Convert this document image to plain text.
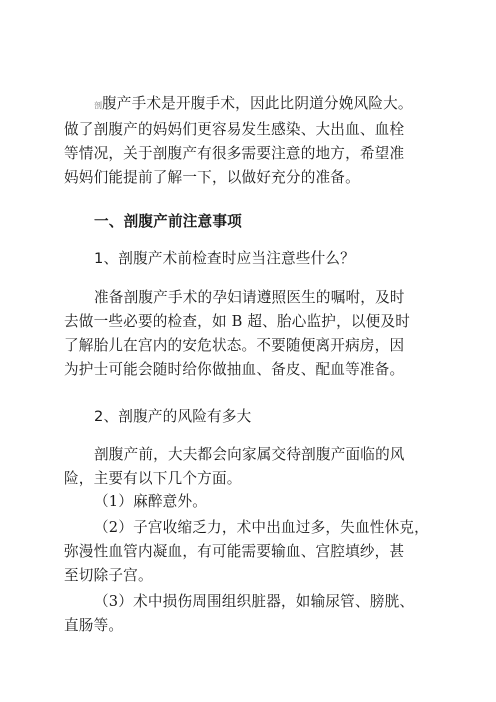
剖腹产手术是开腹手术，因此比阴道分娩风险大。
做了剖腹产的妈妈们更容易发生感染、大出血、血栓
等情况，关于剖腹产有很多需要注意的地方，希望准
妈妈们能提前了解一下，以做好充分的准备。
一、剖腹产前注意事项
1、剖腹产术前检查时应当注意些什么？
准备剖腹产手术的孕妇请遵照医生的嘱咐，及时
去做一些必要的检查，如 B 超、胎心监护，以便及时
了解胎儿在宫内的安危状态。不要随便离开病房，因
为护士可能会随时给你做抽血、备皮、配血等准备。
2、剖腹产的风险有多大
剖腹产前，大夫都会向家属交待剖腹产面临的风
险，主要有以下几个方面。
（1）麻醉意外。
（2）子宫收缩乏力，术中出血过多，失血性休克，
弥漫性血管内凝血，有可能需要输血、宫腔填纱，甚
至切除子宫。
（3）术中损伤周围组织脏器，如输尿管、膀胱、
直肠等。
